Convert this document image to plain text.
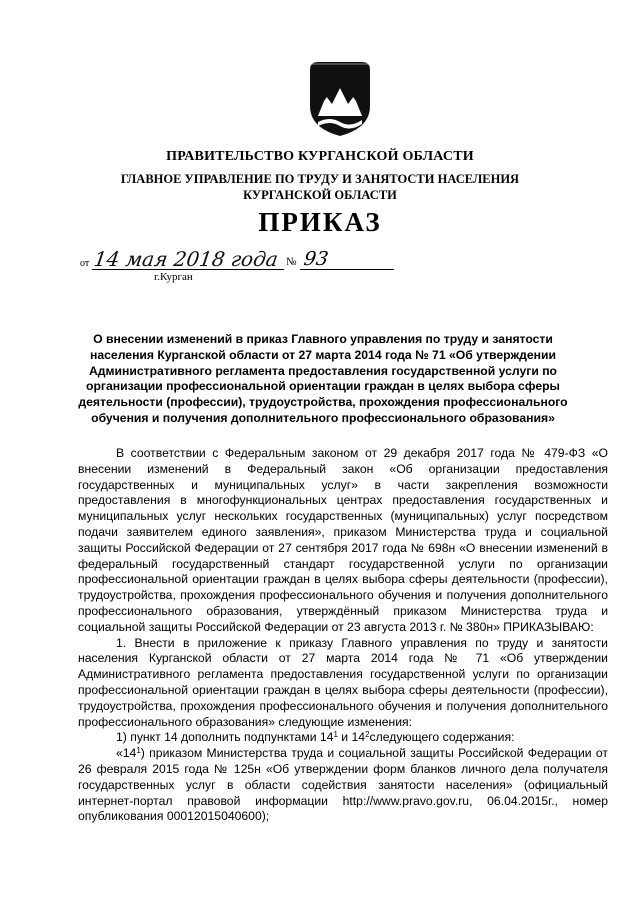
ПРАВИТЕЛЬСТВО КУРГАНСКОЙ ОБЛАСТИ
ГЛАВНОЕ УПРАВЛЕНИЕ ПО ТРУДУ И ЗАНЯТОСТИ НАСЕЛЕНИЯ
КУРГАНСКОЙ ОБЛАСТИ
ПРИКАЗ
от 14 мая 2018 года № 93
г.Курган
О внесении изменений в приказ Главного управления по труду и занятости населения Курганской области от 27 марта 2014 года № 71 «Об утверждении Административного регламента предоставления государственной услуги по организации профессиональной ориентации граждан в целях выбора сферы деятельности (профессии), трудоустройства, прохождения профессионального обучения и получения дополнительного профессионального образования»

В соответствии с Федеральным законом от 29 декабря 2017 года № 479-ФЗ «О внесении изменений в Федеральный закон «Об организации предоставления государственных и муниципальных услуг» в части закрепления возможности предоставления в многофункциональных центрах предоставления государственных и муниципальных услуг нескольких государственных (муниципальных) услуг посредством подачи заявителем единого заявления», приказом Министерства труда и социальной защиты Российской Федерации от 27 сентября 2017 года № 698н «О внесении изменений в федеральный государственный стандарт государственной услуги по организации профессиональной ориентации граждан в целях выбора сферы деятельности (профессии), трудоустройства, прохождения профессионального обучения и получения дополнительного профессионального образования, утверждённый приказом Министерства труда и социальной защиты Российской Федерации от 23 августа 2013 г. № 380н» ПРИКАЗЫВАЮ:

1. Внести в приложение к приказу Главного управления по труду и занятости населения Курганской области от 27 марта 2014 года № 71 «Об утверждении Административного регламента предоставления государственной услуги по организации профессиональной ориентации граждан в целях выбора сферы деятельности (профессии), трудоустройства, прохождения профессионального обучения и получения дополнительного профессионального образования» следующие изменения:

1) пункт 14 дополнить подпунктами $14^1$ и $14^2следующего$ содержания:

«$14^1$) приказом Министерства труда и социальной защиты Российской Федерации от 26 февраля 2015 года № 125н «Об утверждении форм бланков личного дела получателя государственных услуг в области содействия занятости населения» (официальный интернет-портал правовой информации http://www.pravo.gov.ru, 06.04.2015г., номер опубликования 00012015040600);
